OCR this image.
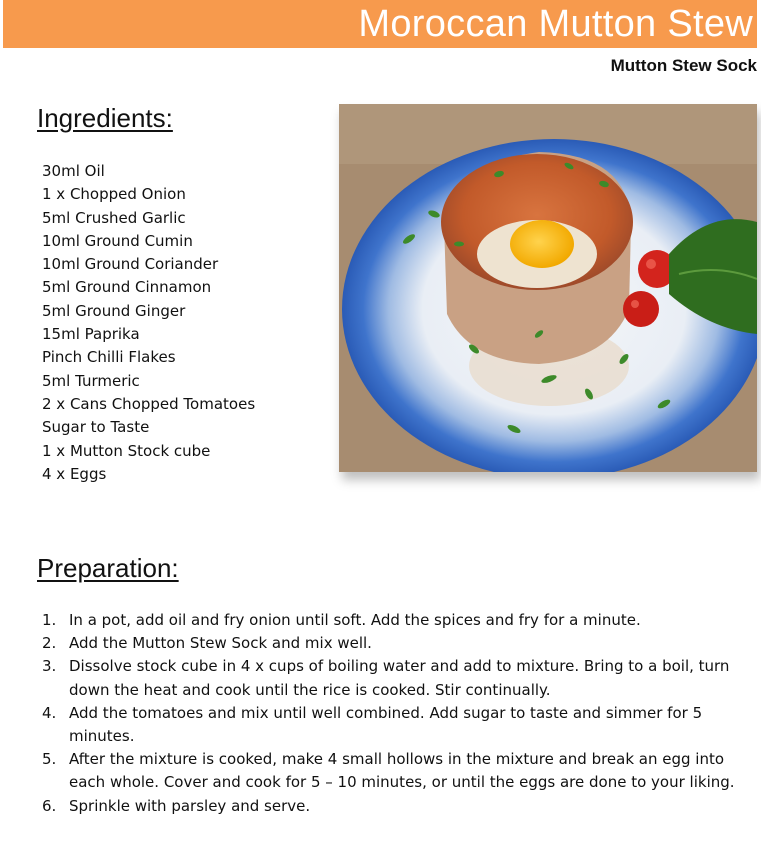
Moroccan Mutton Stew
Mutton Stew Sock
Ingredients:
30ml Oil
1 x Chopped Onion
5ml Crushed Garlic
10ml Ground Cumin
10ml Ground Coriander
5ml Ground Cinnamon
5ml Ground Ginger
15ml Paprika
Pinch Chilli Flakes
5ml Turmeric
2 x Cans Chopped Tomatoes
Sugar to Taste
1 x Mutton Stock cube
4 x Eggs
Preparation:
1. In a pot, add oil and fry onion until soft. Add the spices and fry for a minute.
2. Add the Mutton Stew Sock and mix well.
3. Dissolve stock cube in 4 x cups of boiling water and add to mixture. Bring to a boil, turn down the heat and cook until the rice is cooked. Stir continually.
4. Add the tomatoes and mix until well combined. Add sugar to taste and simmer for 5 minutes.
5. After the mixture is cooked, make 4 small hollows in the mixture and break an egg into each whole. Cover and cook for 5 – 10 minutes, or until the eggs are done to your liking.
6. Sprinkle with parsley and serve.
